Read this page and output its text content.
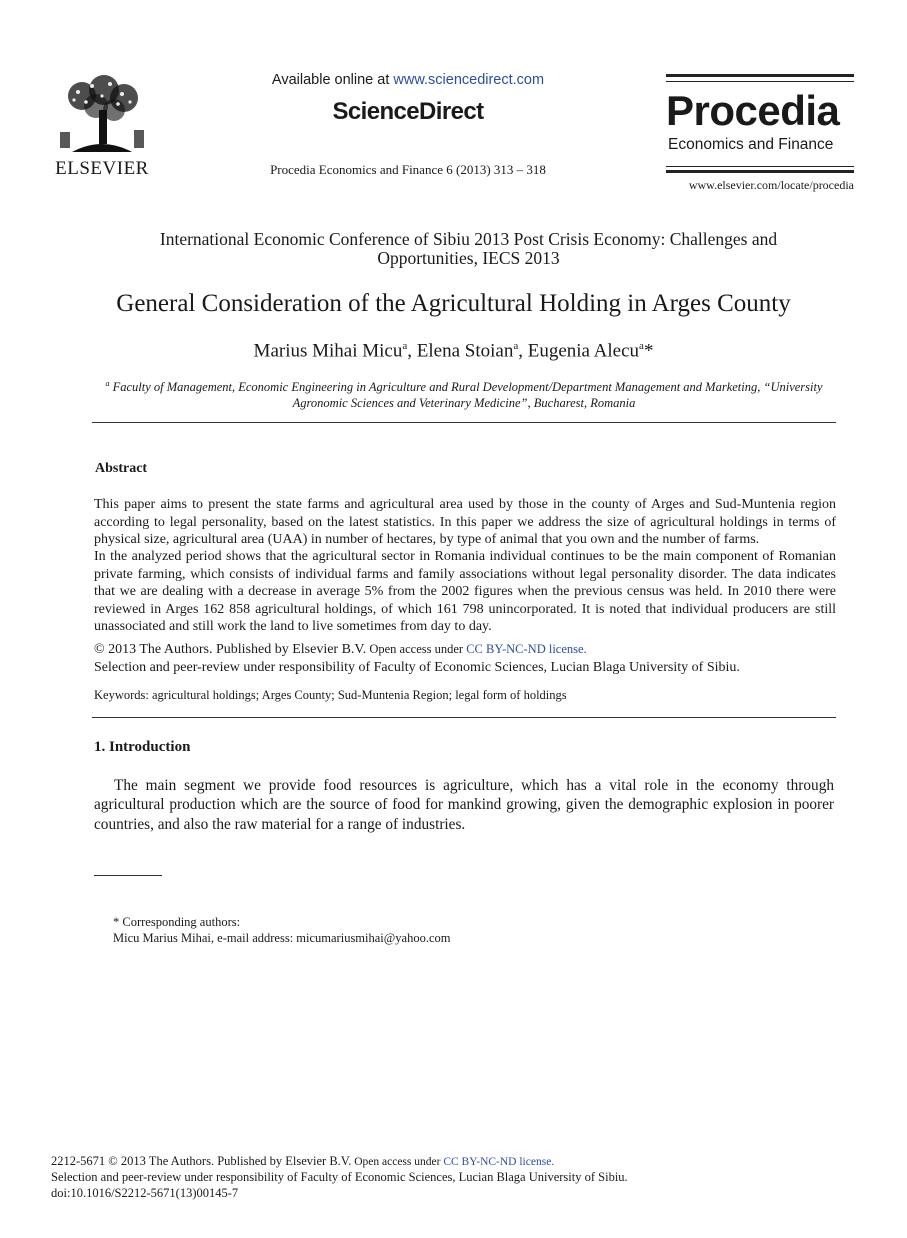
ELSEVIER
Available online at www.sciencedirect.com
ScienceDirect
Procedia Economics and Finance 6 (2013) 313 – 318
Procedia
Economics and Finance
www.elsevier.com/locate/procedia
International Economic Conference of Sibiu 2013 Post Crisis Economy: Challenges and Opportunities, IECS 2013
General Consideration of the Agricultural Holding in Arges County
Marius Mihai Micu$^a$, Elena Stoian$^a$, Eugenia Alecu$^a$*
$^a$ Faculty of Management, Economic Engineering in Agriculture and Rural Development/Department Management and Marketing, “University Agronomic Sciences and Veterinary Medicine”, Bucharest, Romania
Abstract

This paper aims to present the state farms and agricultural area used by those in the county of Arges and Sud-Muntenia region according to legal personality, based on the latest statistics. In this paper we address the size of agricultural holdings in terms of physical size, agricultural area (UAA) in number of hectares, by type of animal that you own and the number of farms.

In the analyzed period shows that the agricultural sector in Romania individual continues to be the main component of Romanian private farming, which consists of individual farms and family associations without legal personality disorder. The data indicates that we are dealing with a decrease in average 5% from the 2002 figures when the previous census was held. In 2010 there were reviewed in Arges 162 858 agricultural holdings, of which 161 798 unincorporated. It is noted that individual producers are still unassociated and still work the land to live sometimes from day to day.

© 2013 The Authors. Published by Elsevier B.V. Open access under CC BY-NC-ND license.
Selection and peer-review under responsibility of Faculty of Economic Sciences, Lucian Blaga University of Sibiu.
Keywords: agricultural holdings; Arges County; Sud-Muntenia Region; legal form of holdings
1. Introduction

The main segment we provide food resources is agriculture, which has a vital role in the economy through agricultural production which are the source of food for mankind growing, given the demographic explosion in poorer countries, and also the raw material for a range of industries.

* Corresponding authors:
Micu Marius Mihai, e-mail address: micumariusmihai@yahoo.com
2212-5671 © 2013 The Authors. Published by Elsevier B.V. Open access under CC BY-NC-ND license.
Selection and peer-review under responsibility of Faculty of Economic Sciences, Lucian Blaga University of Sibiu.
doi:10.1016/S2212-5671(13)00145-7
